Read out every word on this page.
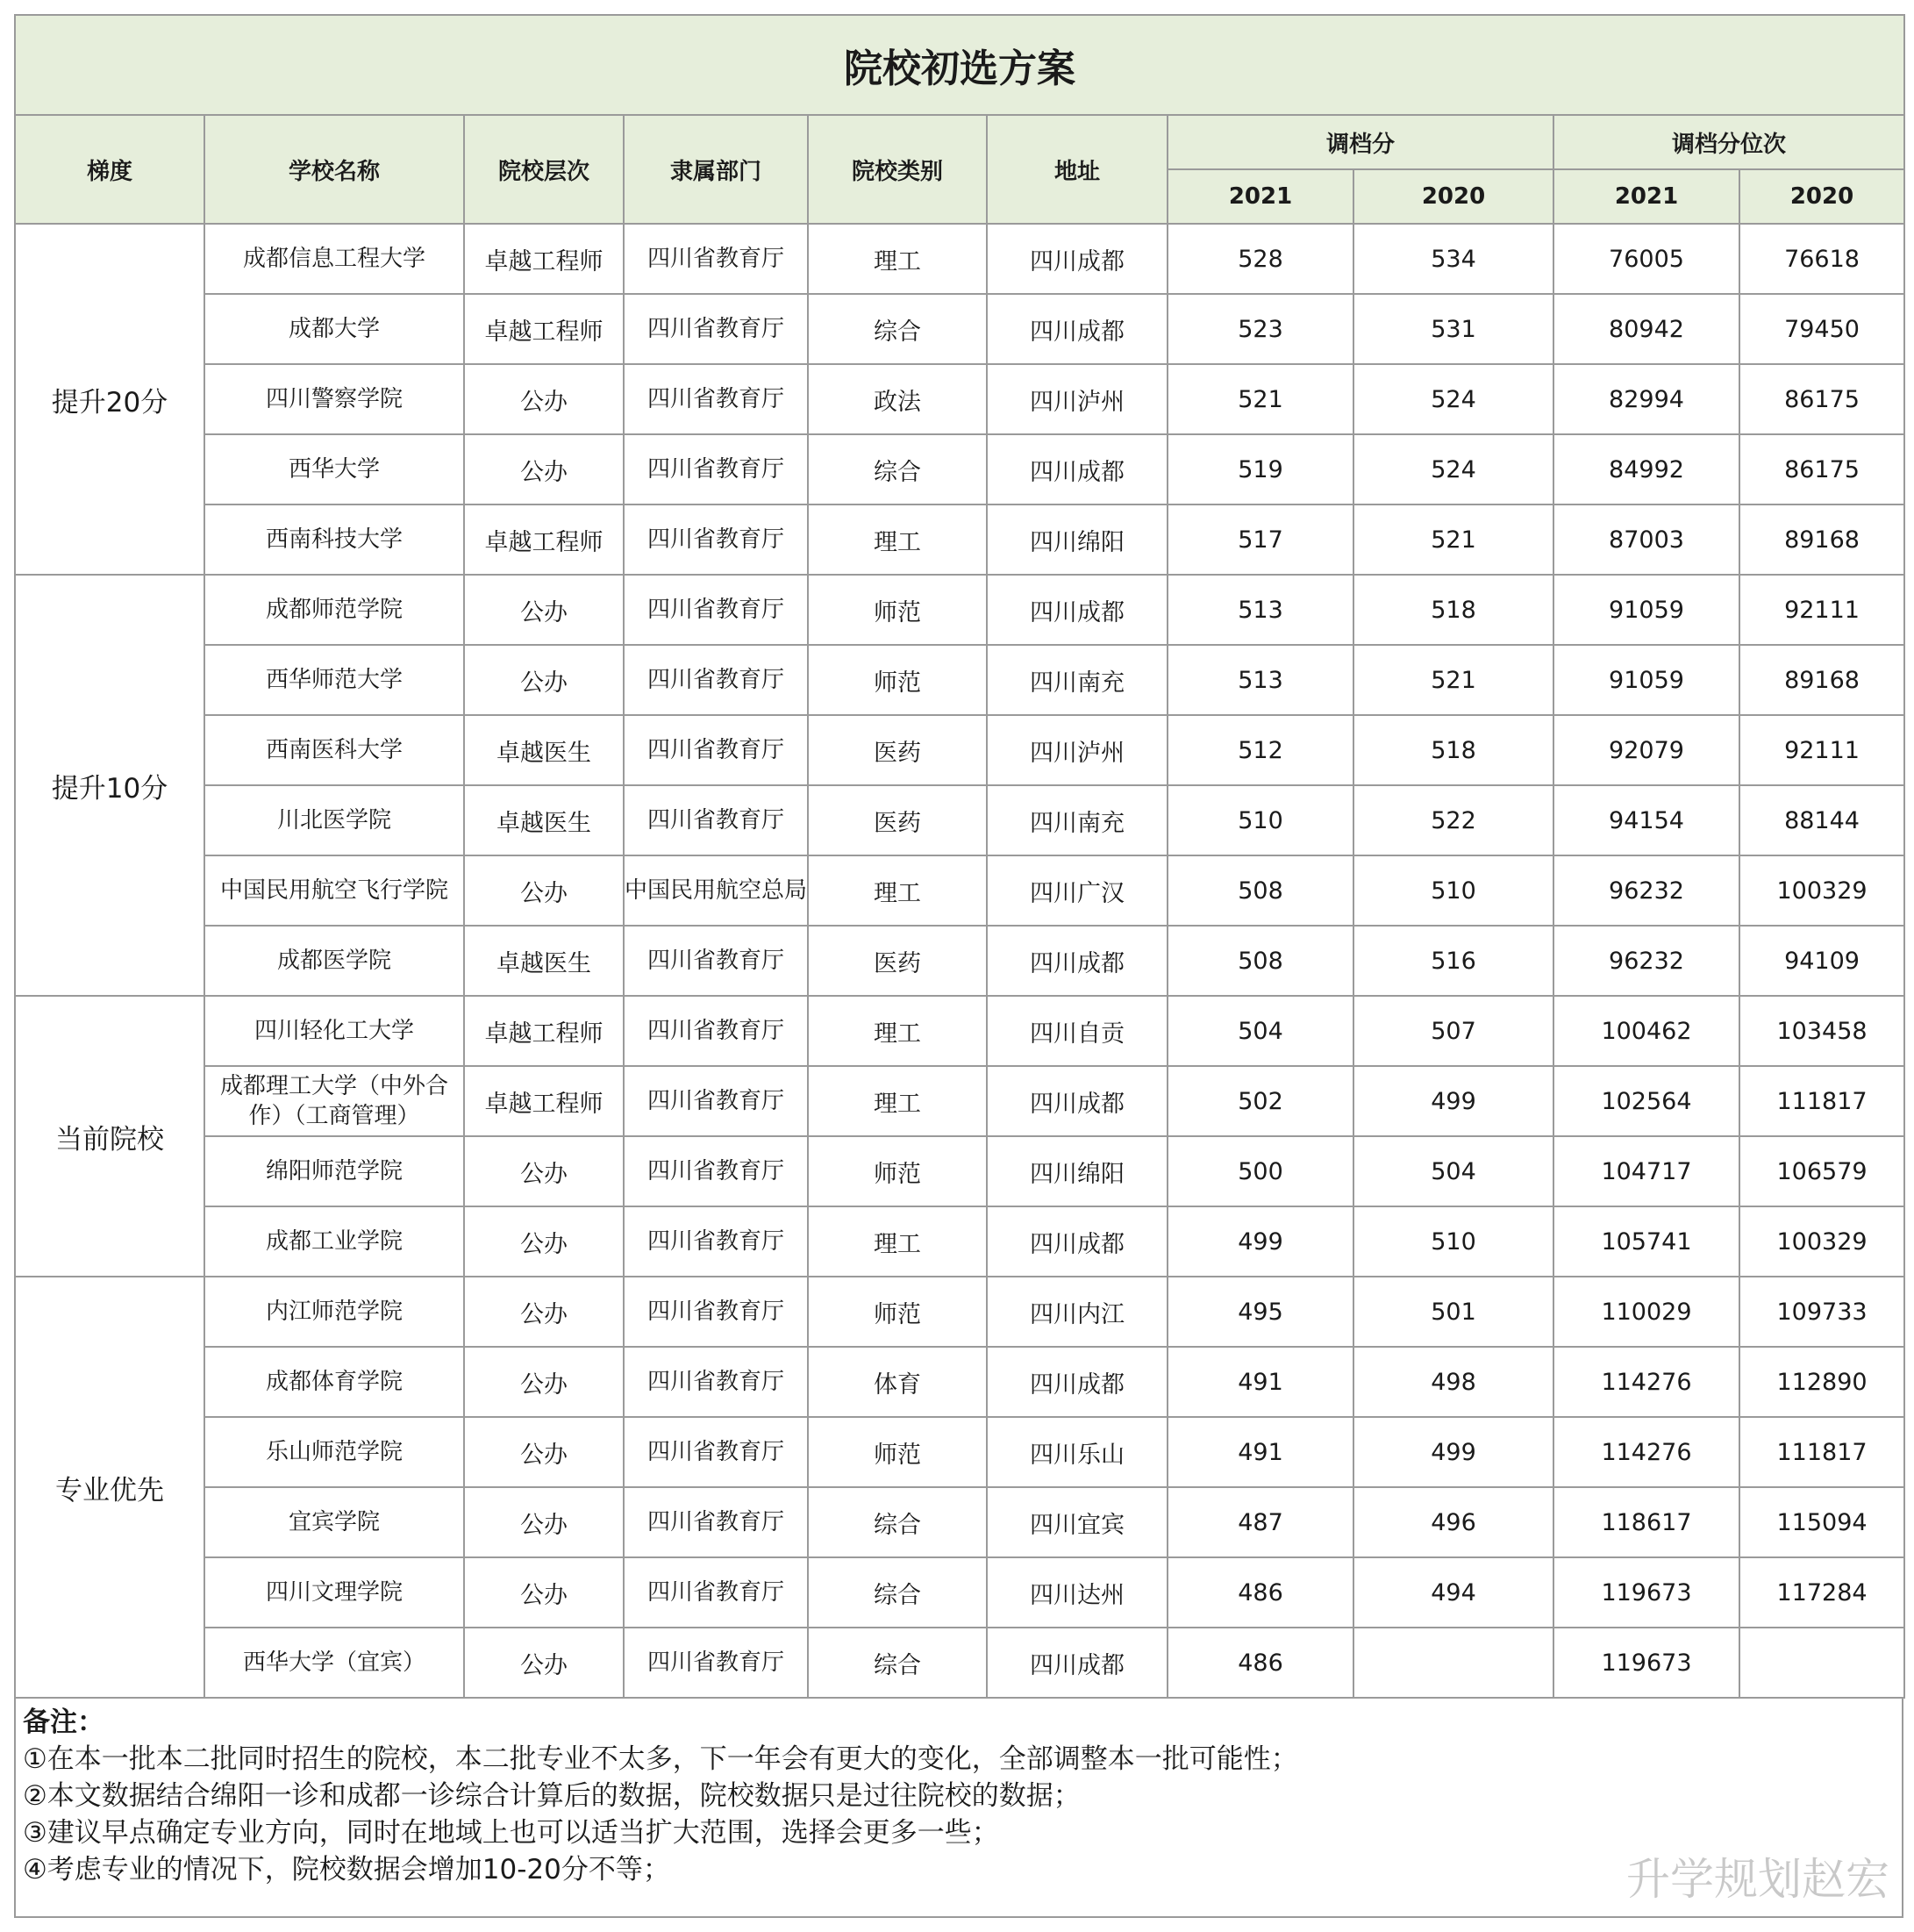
院校初选方案									
梯度	学校名称	院校层次	隶属部门	院校类别	地址	调档分		调档分位次	
						2021	2020	2021	2020
提升20分	成都信息工程大学	卓越工程师	四川省教育厅	理工	四川成都	528	534	76005	76618
	成都大学	卓越工程师	四川省教育厅	综合	四川成都	523	531	80942	79450
	四川警察学院	公办	四川省教育厅	政法	四川泸州	521	524	82994	86175
	西华大学	公办	四川省教育厅	综合	四川成都	519	524	84992	86175
	西南科技大学	卓越工程师	四川省教育厅	理工	四川绵阳	517	521	87003	89168
提升10分	成都师范学院	公办	四川省教育厅	师范	四川成都	513	518	91059	92111
	西华师范大学	公办	四川省教育厅	师范	四川南充	513	521	91059	89168
	西南医科大学	卓越医生	四川省教育厅	医药	四川泸州	512	518	92079	92111
	川北医学院	卓越医生	四川省教育厅	医药	四川南充	510	522	94154	88144
	中国民用航空飞行学院	公办	中国民用航空总局	理工	四川广汉	508	510	96232	100329
	成都医学院	卓越医生	四川省教育厅	医药	四川成都	508	516	96232	94109
当前院校	四川轻化工大学	卓越工程师	四川省教育厅	理工	四川自贡	504	507	100462	103458
	成都理工大学（中外合作）（工商管理）	卓越工程师	四川省教育厅	理工	四川成都	502	499	102564	111817
	绵阳师范学院	公办	四川省教育厅	师范	四川绵阳	500	504	104717	106579
	成都工业学院	公办	四川省教育厅	理工	四川成都	499	510	105741	100329
专业优先	内江师范学院	公办	四川省教育厅	师范	四川内江	495	501	110029	109733
	成都体育学院	公办	四川省教育厅	体育	四川成都	491	498	114276	112890
	乐山师范学院	公办	四川省教育厅	师范	四川乐山	491	499	114276	111817
	宜宾学院	公办	四川省教育厅	综合	四川宜宾	487	496	118617	115094
	四川文理学院	公办	四川省教育厅	综合	四川达州	486	494	119673	117284
	西华大学（宜宾）	公办	四川省教育厅	综合	四川成都	486		119673	
备注：
①在本一批本二批同时招生的院校，本二批专业不太多，下一年会有更大的变化，全部调整本一批可能性；
②本文数据结合绵阳一诊和成都一诊综合计算后的数据，院校数据只是过往院校的数据；
③建议早点确定专业方向，同时在地域上也可以适当扩大范围，选择会更多一些；
④考虑专业的情况下，院校数据会增加10-20分不等；	升学规划赵宏
